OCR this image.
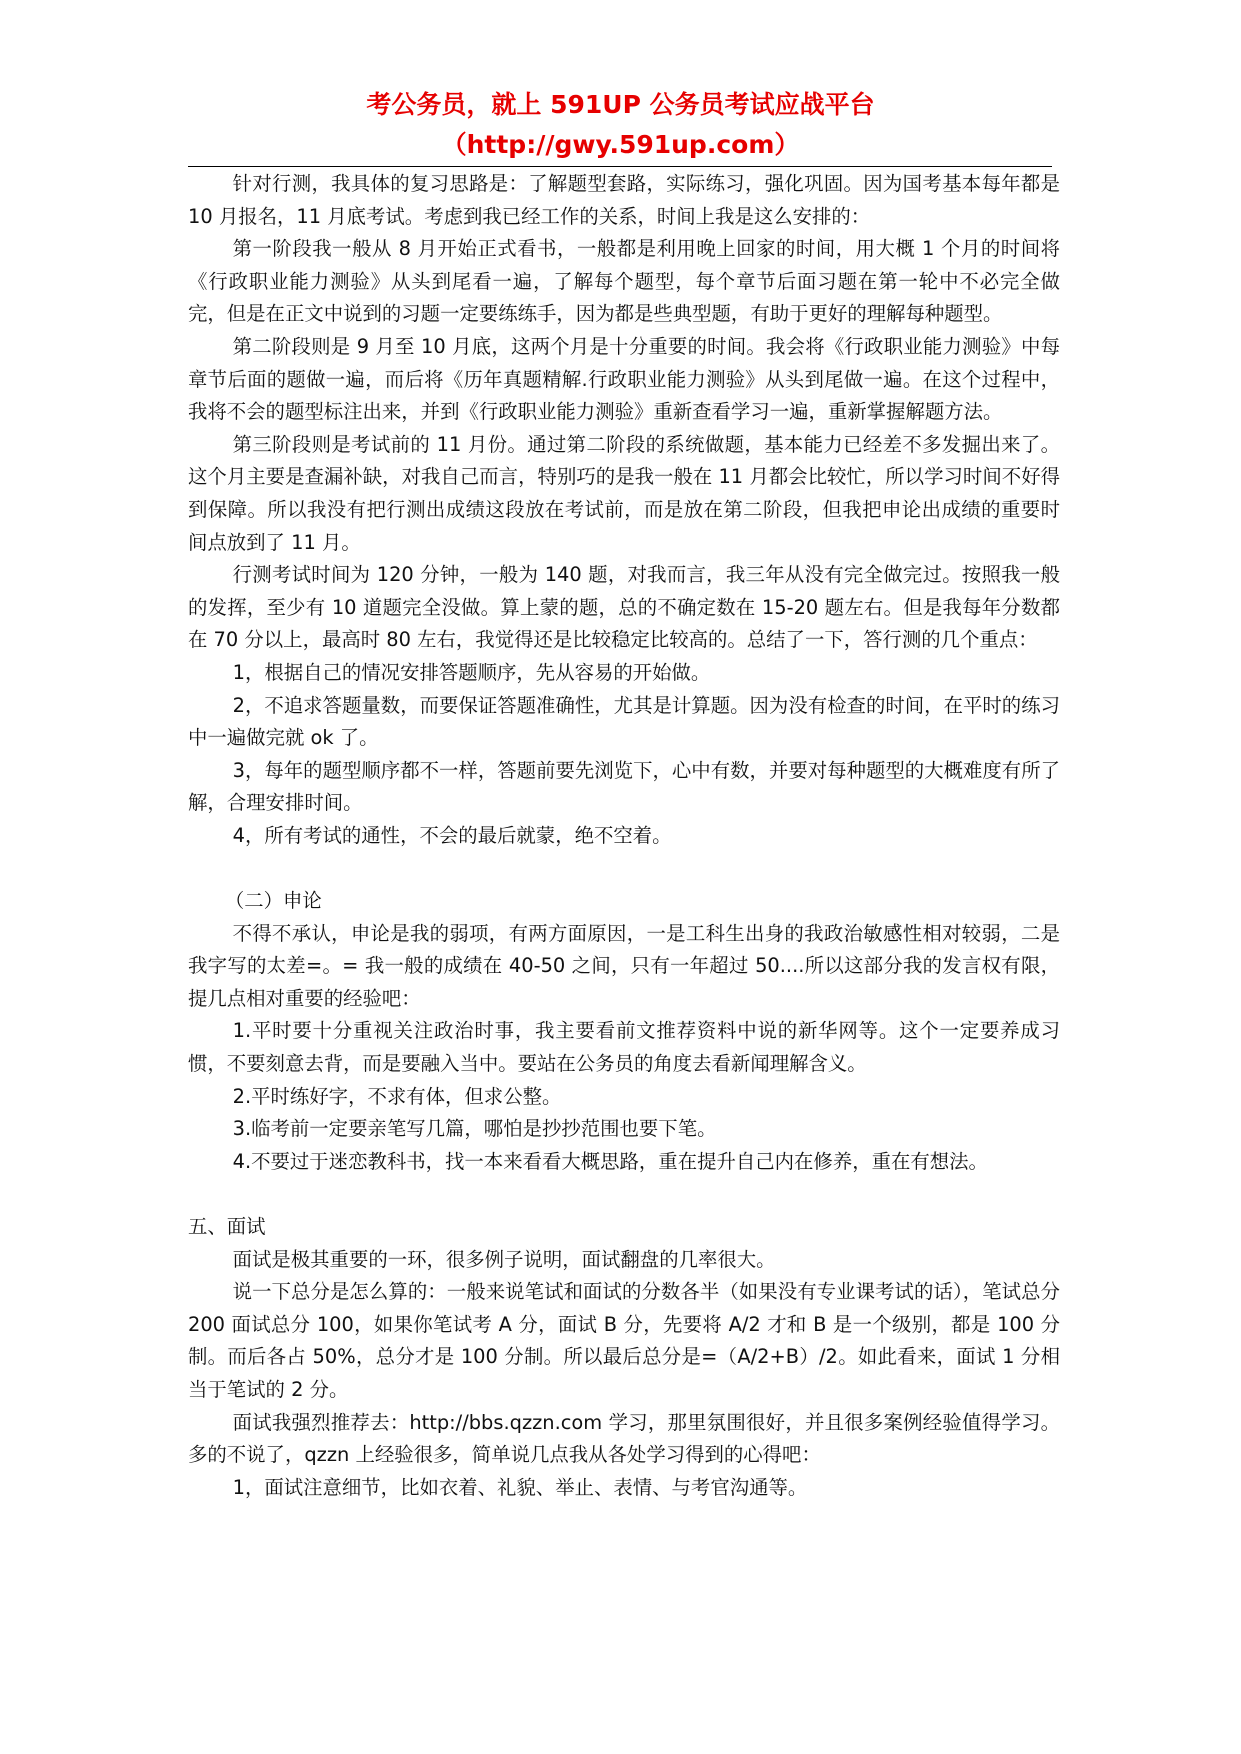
考公务员，就上 591UP 公务员考试应战平台

（http://gwy.591up.com）

针对行测，我具体的复习思路是：了解题型套路，实际练习，强化巩固。因为国考基本每年都是 10 月报名，11 月底考试。考虑到我已经工作的关系，时间上我是这么安排的：

第一阶段我一般从 8 月开始正式看书，一般都是利用晚上回家的时间，用大概 1 个月的时间将《行政职业能力测验》从头到尾看一遍，了解每个题型，每个章节后面习题在第一轮中不必完全做完，但是在正文中说到的习题一定要练练手，因为都是些典型题，有助于更好的理解每种题型。

第二阶段则是 9 月至 10 月底，这两个月是十分重要的时间。我会将《行政职业能力测验》中每章节后面的题做一遍，而后将《历年真题精解.行政职业能力测验》从头到尾做一遍。在这个过程中，我将不会的题型标注出来，并到《行政职业能力测验》重新查看学习一遍，重新掌握解题方法。

第三阶段则是考试前的 11 月份。通过第二阶段的系统做题，基本能力已经差不多发掘出来了。这个月主要是查漏补缺，对我自己而言，特别巧的是我一般在 11 月都会比较忙，所以学习时间不好得到保障。所以我没有把行测出成绩这段放在考试前，而是放在第二阶段，但我把申论出成绩的重要时间点放到了 11 月。

行测考试时间为 120 分钟，一般为 140 题，对我而言，我三年从没有完全做完过。按照我一般的发挥，至少有 10 道题完全没做。算上蒙的题，总的不确定数在 15-20 题左右。但是我每年分数都在 70 分以上，最高时 80 左右，我觉得还是比较稳定比较高的。总结了一下，答行测的几个重点：

1，根据自己的情况安排答题顺序，先从容易的开始做。

2，不追求答题量数，而要保证答题准确性，尤其是计算题。因为没有检查的时间，在平时的练习中一遍做完就 ok 了。

3，每年的题型顺序都不一样，答题前要先浏览下，心中有数，并要对每种题型的大概难度有所了解，合理安排时间。

4，所有考试的通性，不会的最后就蒙，绝不空着。

（二）申论

不得不承认，申论是我的弱项，有两方面原因，一是工科生出身的我政治敏感性相对较弱，二是我字写的太差=。= 我一般的成绩在 40-50 之间，只有一年超过 50....所以这部分我的发言权有限，提几点相对重要的经验吧：

1.平时要十分重视关注政治时事，我主要看前文推荐资料中说的新华网等。这个一定要养成习惯，不要刻意去背，而是要融入当中。要站在公务员的角度去看新闻理解含义。

2.平时练好字，不求有体，但求公整。

3.临考前一定要亲笔写几篇，哪怕是抄抄范围也要下笔。

4.不要过于迷恋教科书，找一本来看看大概思路，重在提升自己内在修养，重在有想法。

五、面试

面试是极其重要的一环，很多例子说明，面试翻盘的几率很大。

说一下总分是怎么算的：一般来说笔试和面试的分数各半（如果没有专业课考试的话），笔试总分 200 面试总分 100，如果你笔试考 A 分，面试 B 分，先要将 A/2 才和 B 是一个级别，都是 100 分制。而后各占 50%，总分才是 100 分制。所以最后总分是=（A/2+B）/2。如此看来，面试 1 分相当于笔试的 2 分。

面试我强烈推荐去：http://bbs.qzzn.com 学习，那里氛围很好，并且很多案例经验值得学习。多的不说了，qzzn 上经验很多，简单说几点我从各处学习得到的心得吧：

1，面试注意细节，比如衣着、礼貌、举止、表情、与考官沟通等。
